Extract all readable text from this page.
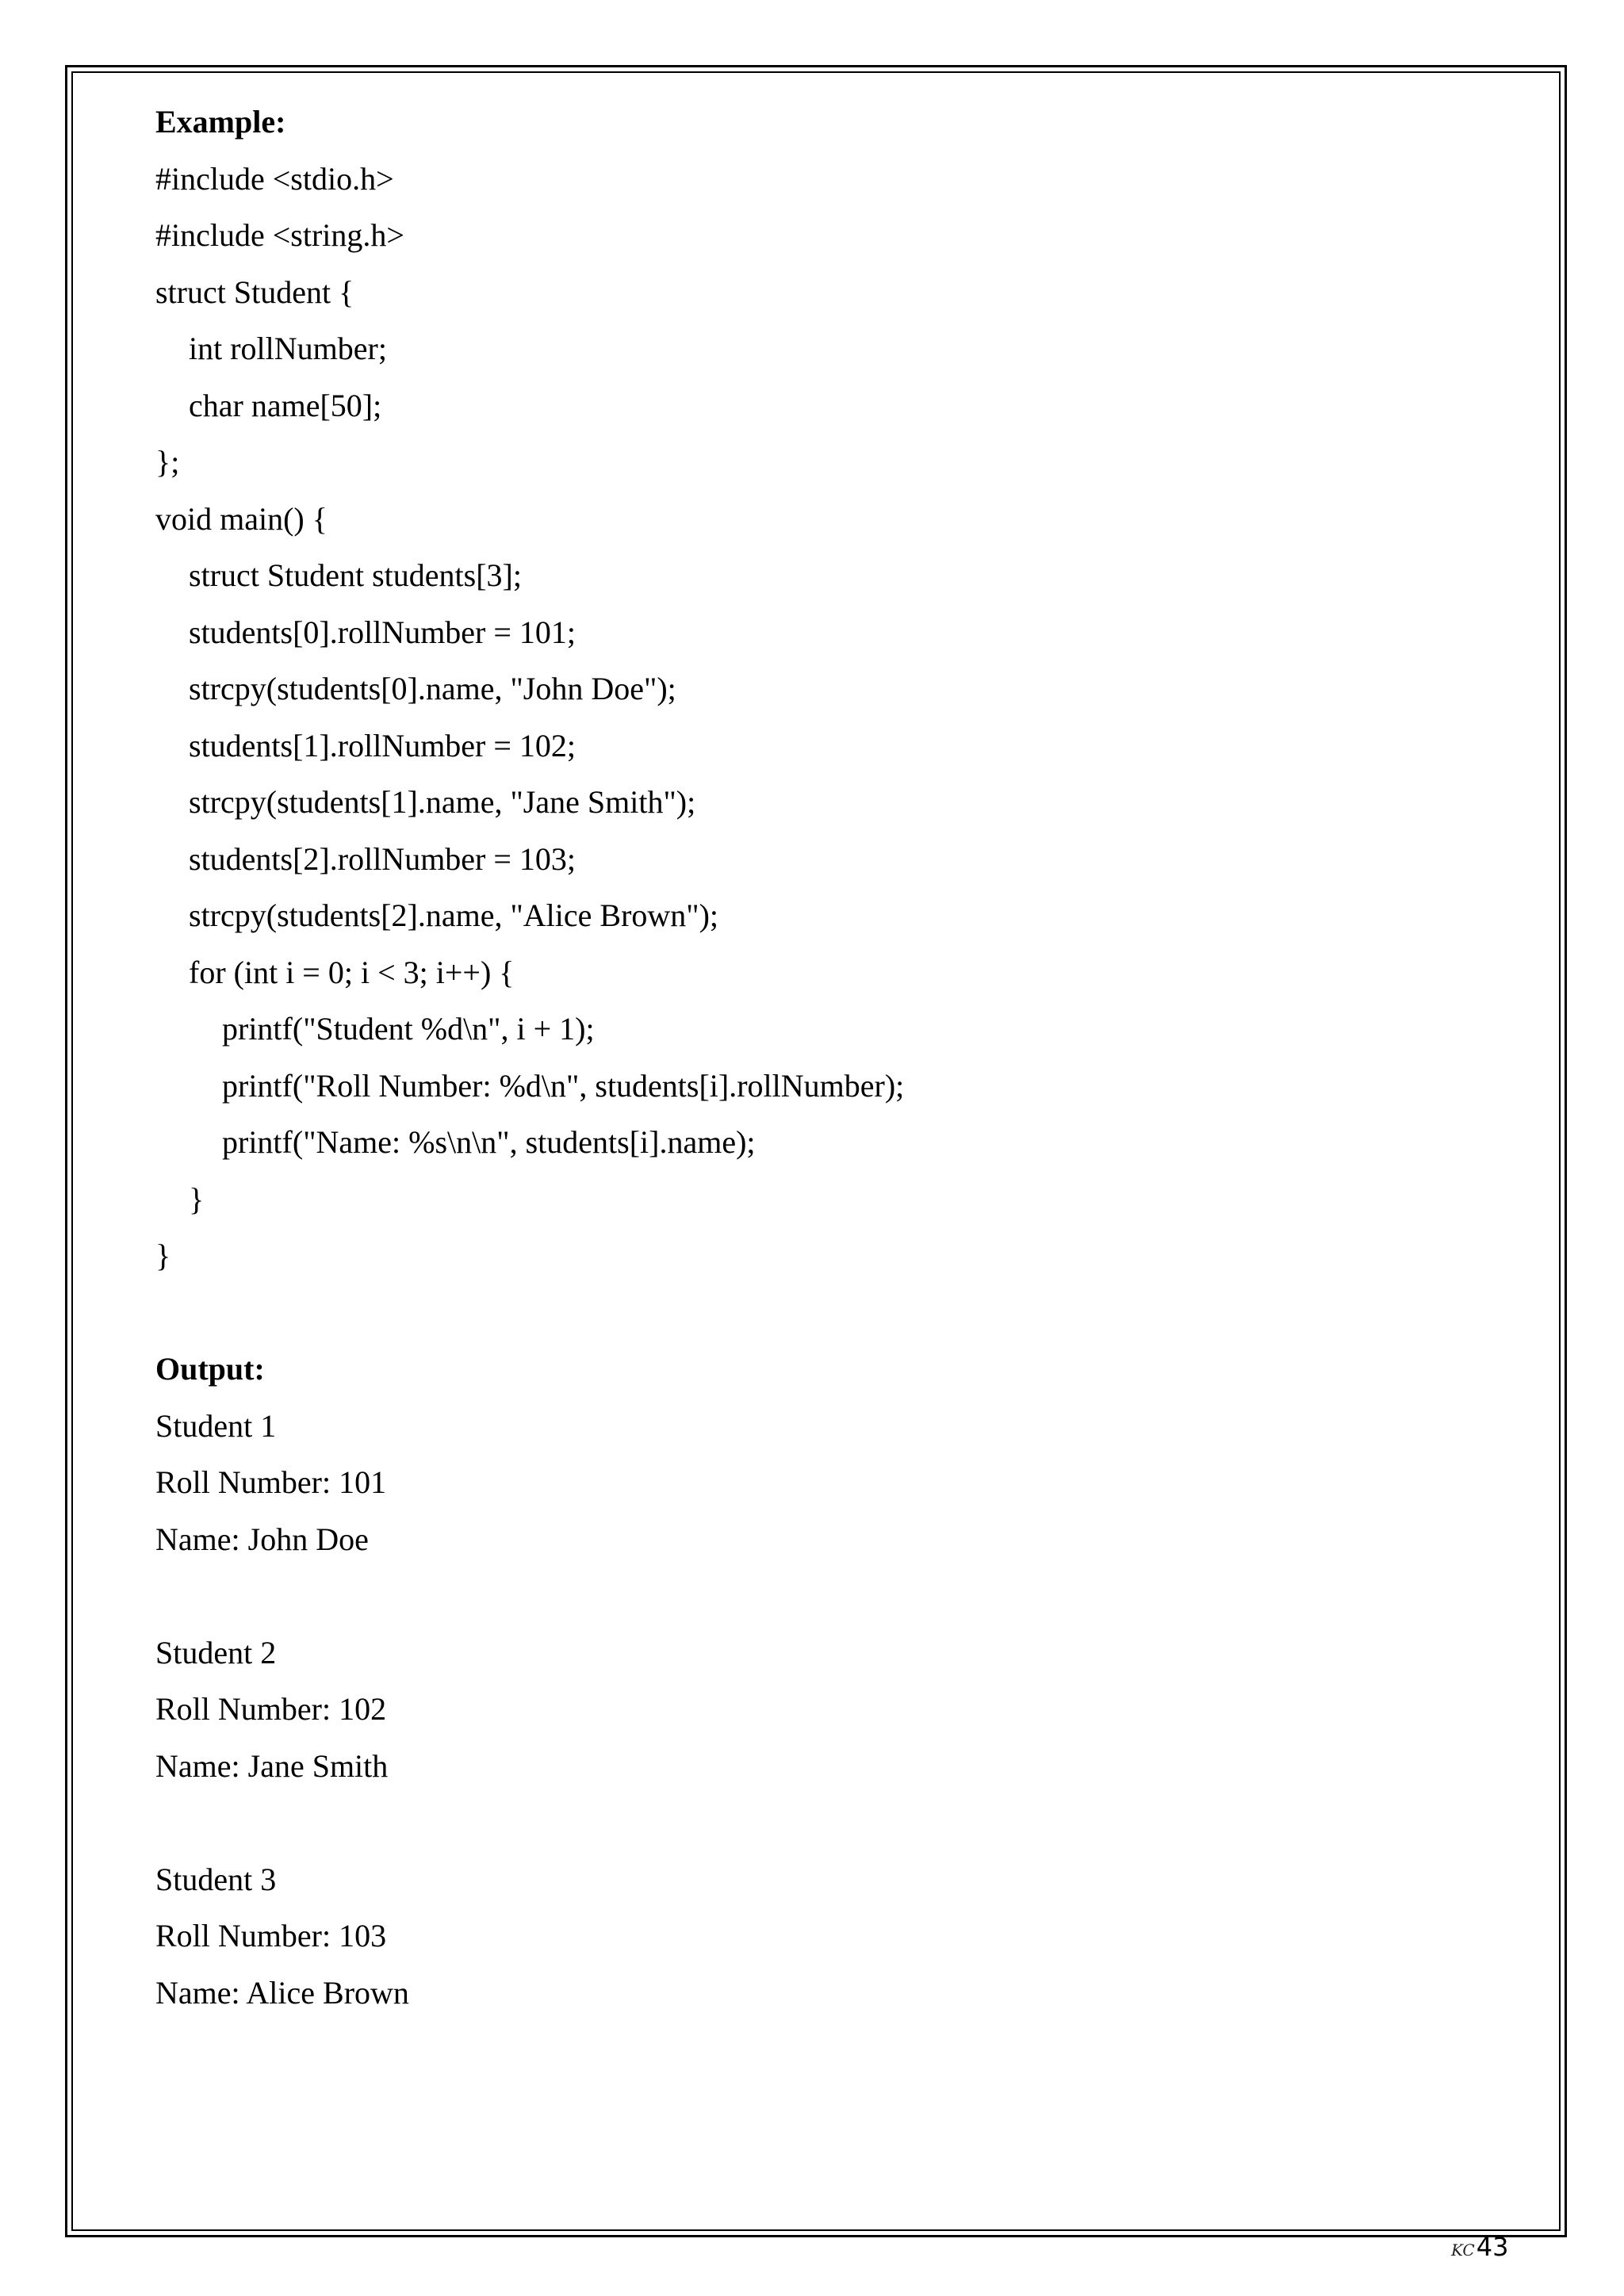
Example:
#include <stdio.h>
#include <string.h>
struct Student {
int rollNumber;
char name[50];
};
void main() {
struct Student students[3];
students[0].rollNumber = 101;
strcpy(students[0].name, "John Doe");
students[1].rollNumber = 102;
strcpy(students[1].name, "Jane Smith");
students[2].rollNumber = 103;
strcpy(students[2].name, "Alice Brown");
for (int i = 0; i < 3; i++) {
printf("Student %d\n", i + 1);
printf("Roll Number: %d\n", students[i].rollNumber);
printf("Name: %s\n\n", students[i].name);
}
}
Output:
Student 1
Roll Number: 101
Name: John Doe
Student 2
Roll Number: 102
Name: Jane Smith
Student 3
Roll Number: 103
Name: Alice Brown
KC 43
